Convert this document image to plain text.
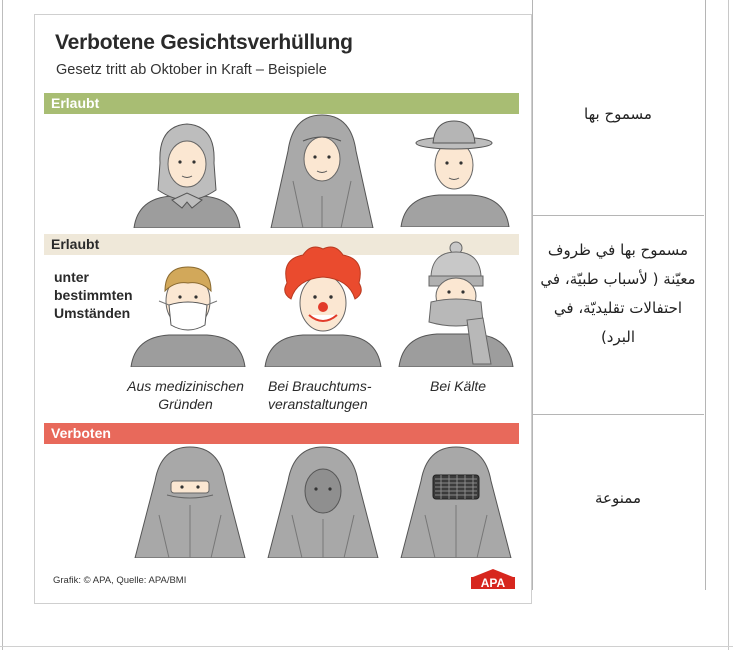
Verbotene Gesichtsverhüllung
Gesetz tritt ab Oktober in Kraft – Beispiele
Erlaubt
Erlaubt
unter
bestimmten
Umständen
Aus medizinischen
Gründen
Bei Brauchtums-
veranstaltungen
Bei Kälte
Verboten
Grafik: © APA, Quelle: APA/BMI	APA
مسموح بها
مسموح بها في ظروف معيّنة ( لأسباب طبيّة، في احتفالات تقليديّة، في البرد)
ممنوعة
